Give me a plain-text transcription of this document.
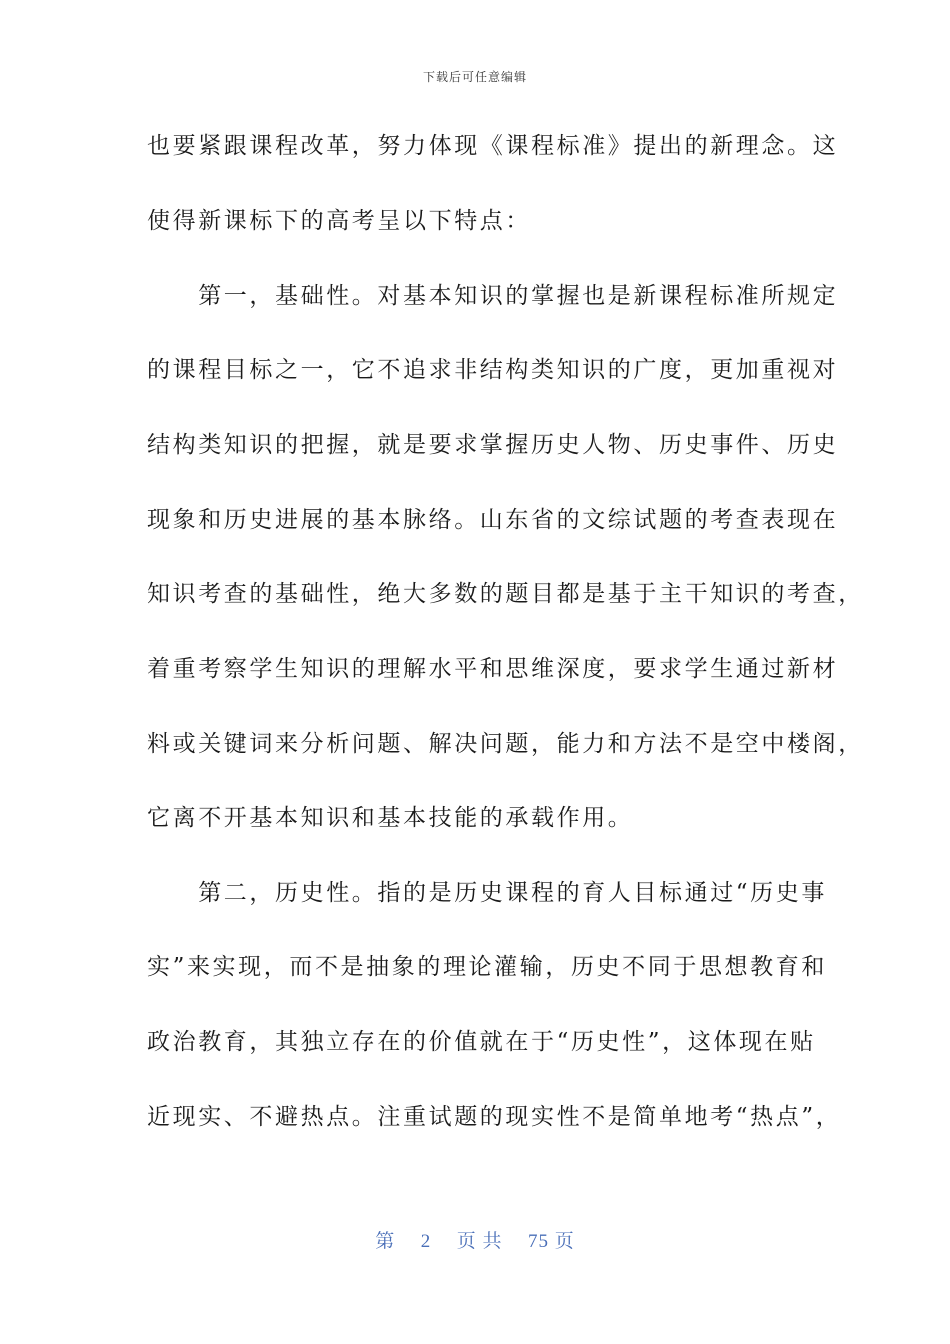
下载后可任意编辑
也要紧跟课程改革，努力体现《课程标准》提出的新理念。这
使得新课标下的高考呈以下特点：
　　第一，基础性。对基本知识的掌握也是新课程标准所规定
的课程目标之一，它不追求非结构类知识的广度，更加重视对
结构类知识的把握，就是要求掌握历史人物、历史事件、历史
现象和历史进展的基本脉络。山东省的文综试题的考查表现在
知识考查的基础性，绝大多数的题目都是基于主干知识的考查，
着重考察学生知识的理解水平和思维深度，要求学生通过新材
料或关键词来分析问题、解决问题，能力和方法不是空中楼阁，
它离不开基本知识和基本技能的承载作用。
　　第二，历史性。指的是历史课程的育人目标通过“历史事
实”来实现，而不是抽象的理论灌输，历史不同于思想教育和
政治教育，其独立存在的价值就在于“历史性”，这体现在贴
近现实、不避热点。注重试题的现实性不是简单地考“热点”，
第 2 页 共 75 页
